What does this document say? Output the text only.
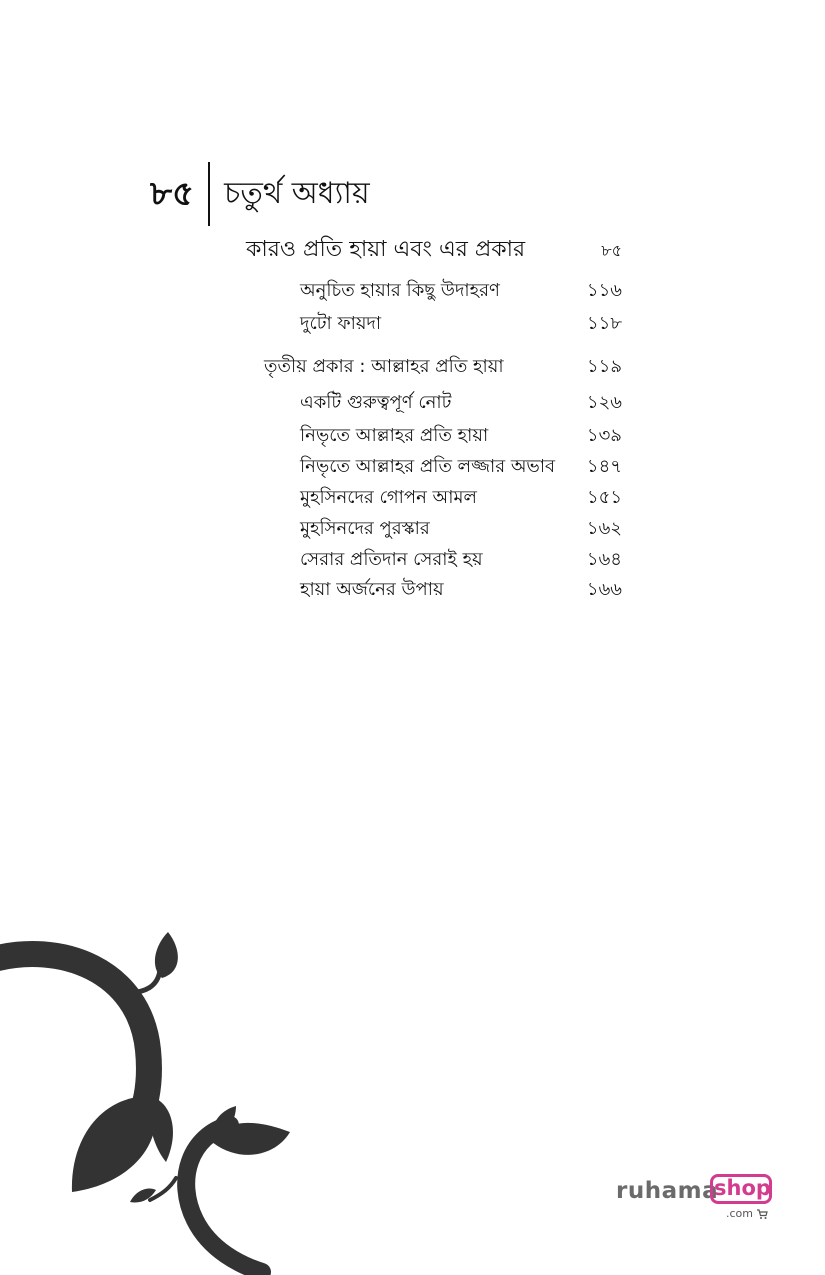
৮৫	চতুর্থ অধ্যায়
কারও প্রতি হায়া এবং এর প্রকার	৮৫
অনুচিত হায়ার কিছু উদাহরণ	১১৬
দুটো ফায়দা	১১৮
তৃতীয় প্রকার : আল্লাহর প্রতি হায়া	১১৯
একটি গুরুত্বপূর্ণ নোট	১২৬
নিভৃতে আল্লাহর প্রতি হায়া	১৩৯
নিভৃতে আল্লাহর প্রতি লজ্জার অভাব ১৪৭
মুহসিনদের গোপন আমল	১৫১
মুহসিনদের পুরস্কার	১৬২
সেরার প্রতিদান সেরাই হয়	১৬৪
হায়া অর্জনের উপায়	১৬৬
ruhama
shop
.com
